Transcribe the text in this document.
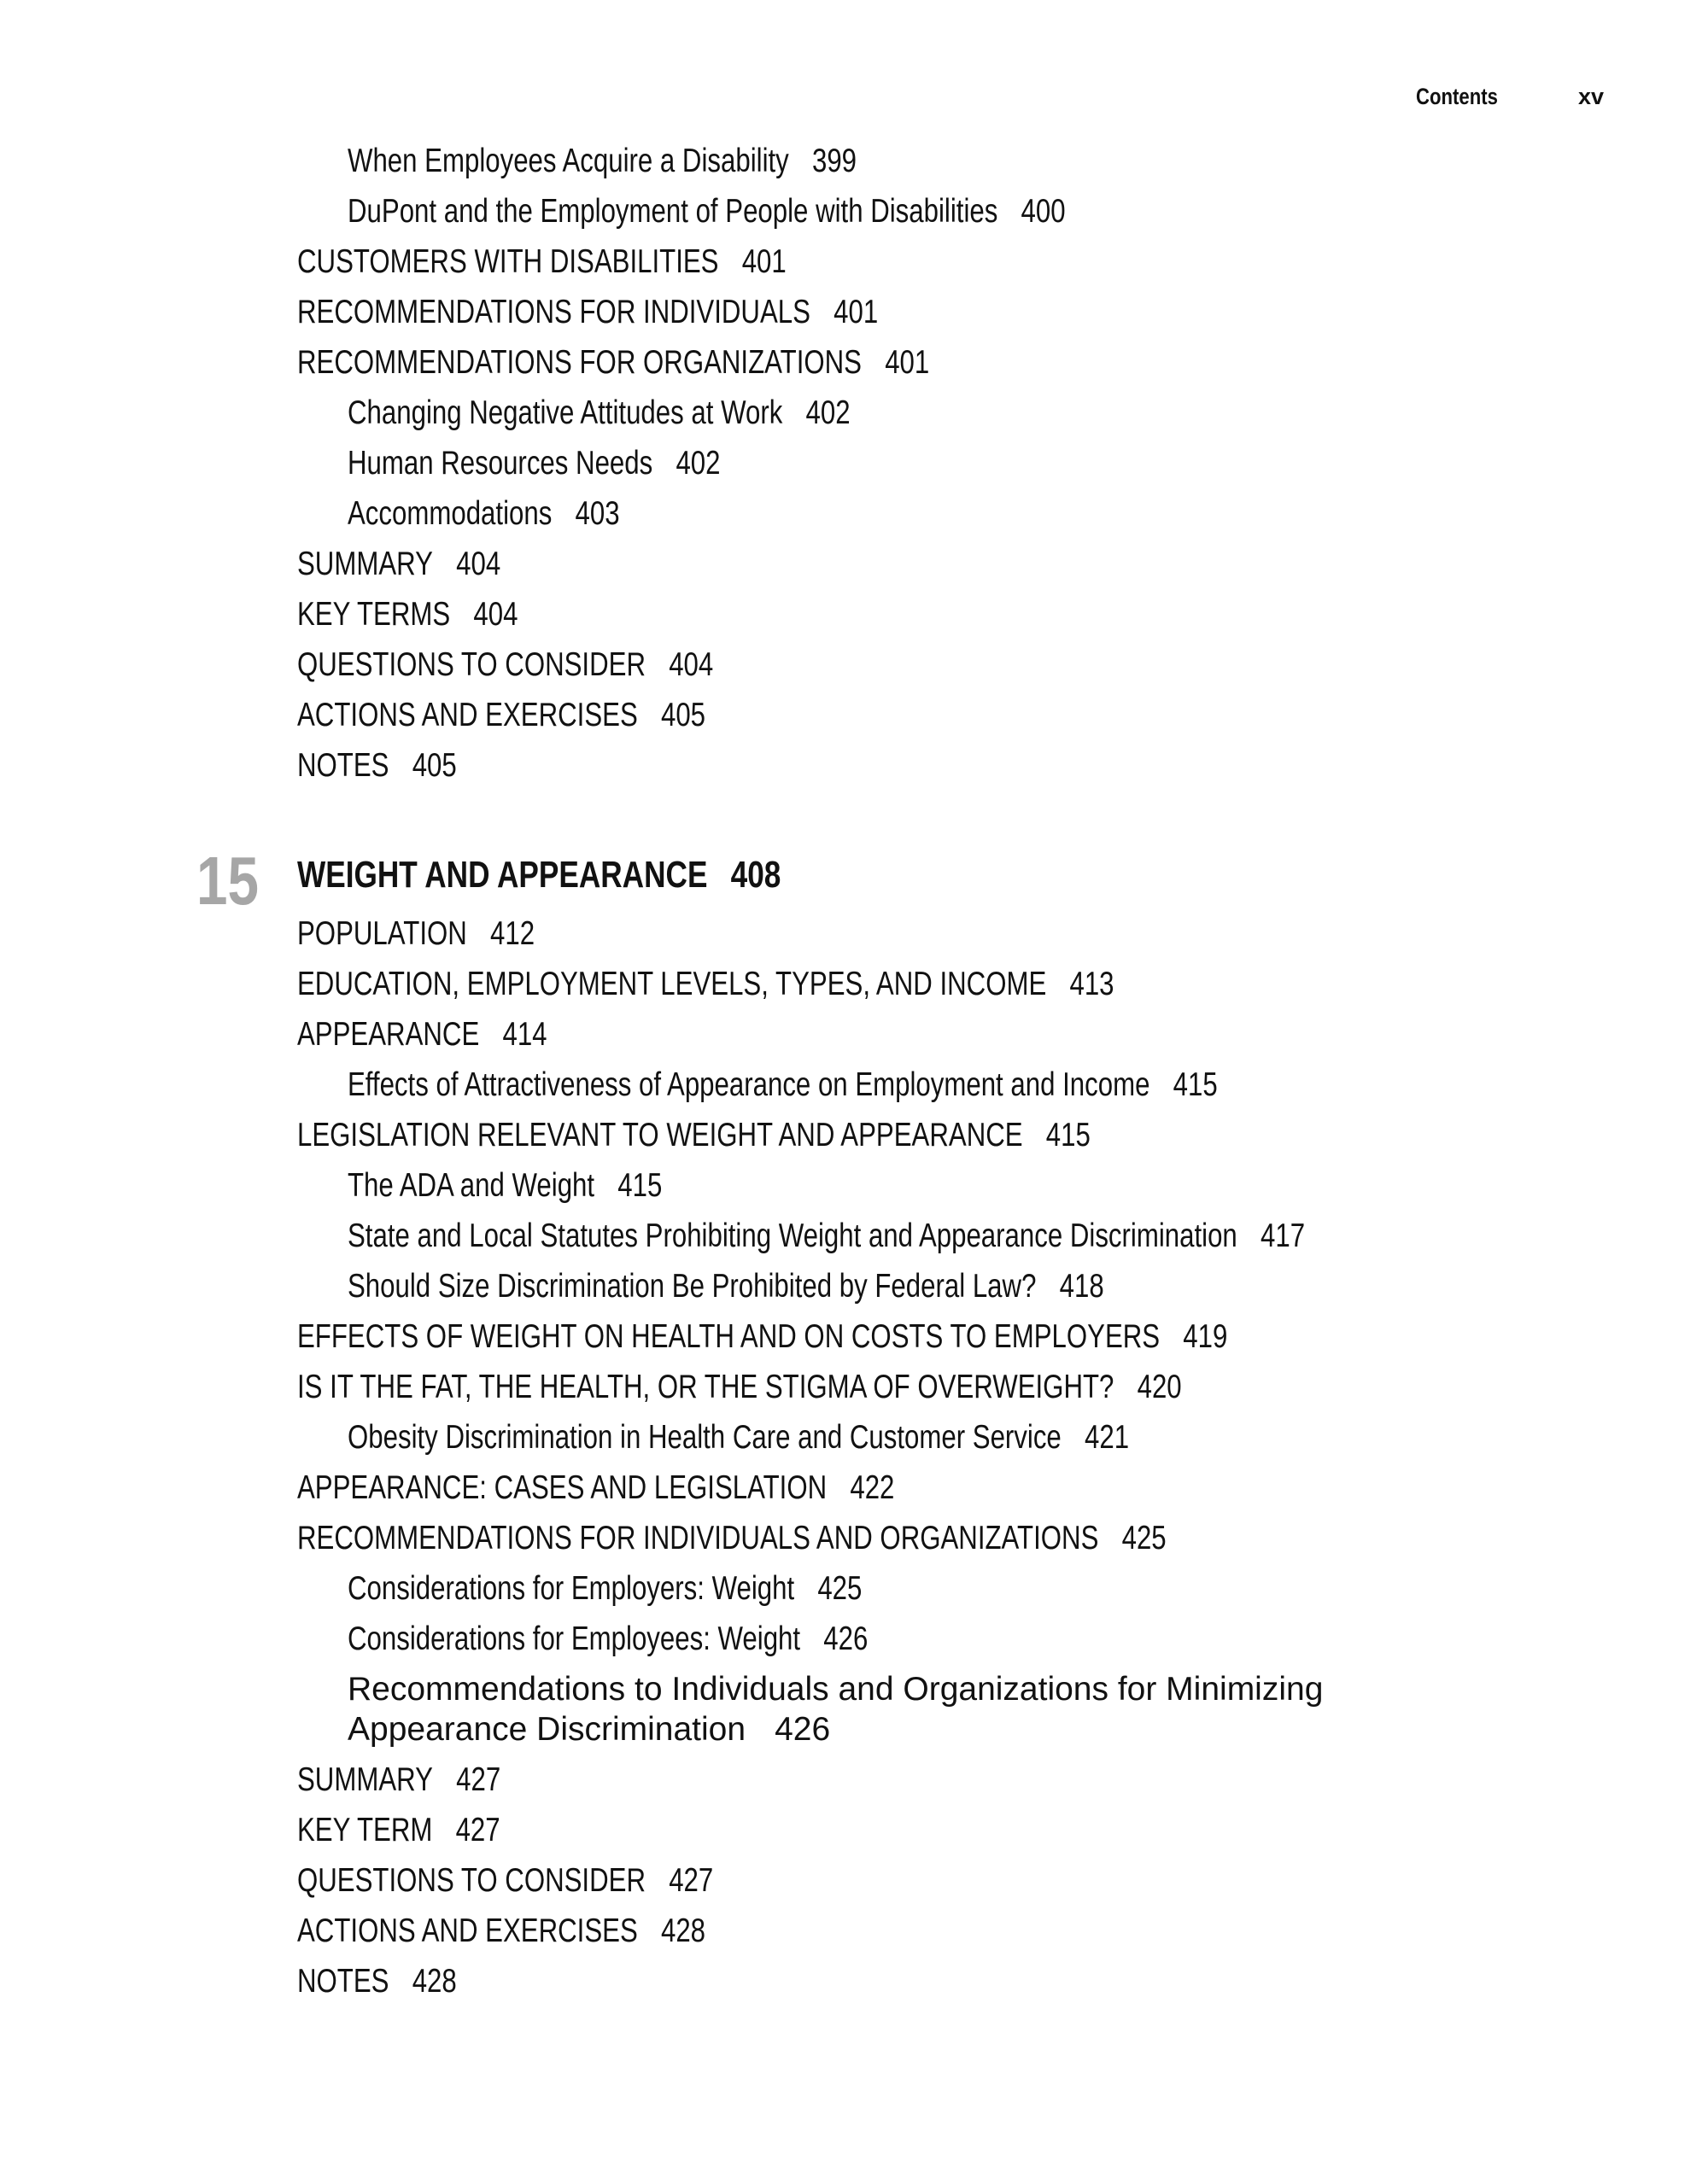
Contents	xv
When Employees Acquire a Disability 399
DuPont and the Employment of People with Disabilities 400
CUSTOMERS WITH DISABILITIES 401
RECOMMENDATIONS FOR INDIVIDUALS 401
RECOMMENDATIONS FOR ORGANIZATIONS 401
Changing Negative Attitudes at Work 402
Human Resources Needs 402
Accommodations 403
SUMMARY 404
KEY TERMS 404
QUESTIONS TO CONSIDER 404
ACTIONS AND EXERCISES 405
NOTES 405
15 WEIGHT AND APPEARANCE 408
POPULATION 412
EDUCATION, EMPLOYMENT LEVELS, TYPES, AND INCOME 413
APPEARANCE 414
Effects of Attractiveness of Appearance on Employment and Income 415
LEGISLATION RELEVANT TO WEIGHT AND APPEARANCE 415
The ADA and Weight 415
State and Local Statutes Prohibiting Weight and Appearance Discrimination 417
Should Size Discrimination Be Prohibited by Federal Law? 418
EFFECTS OF WEIGHT ON HEALTH AND ON COSTS TO EMPLOYERS 419
IS IT THE FAT, THE HEALTH, OR THE STIGMA OF OVERWEIGHT? 420
Obesity Discrimination in Health Care and Customer Service 421
APPEARANCE: CASES AND LEGISLATION 422
RECOMMENDATIONS FOR INDIVIDUALS AND ORGANIZATIONS 425
Considerations for Employers: Weight 425
Considerations for Employees: Weight 426
Recommendations to Individuals and Organizations for Minimizing Appearance Discrimination 426
SUMMARY 427
KEY TERM 427
QUESTIONS TO CONSIDER 427
ACTIONS AND EXERCISES 428
NOTES 428
